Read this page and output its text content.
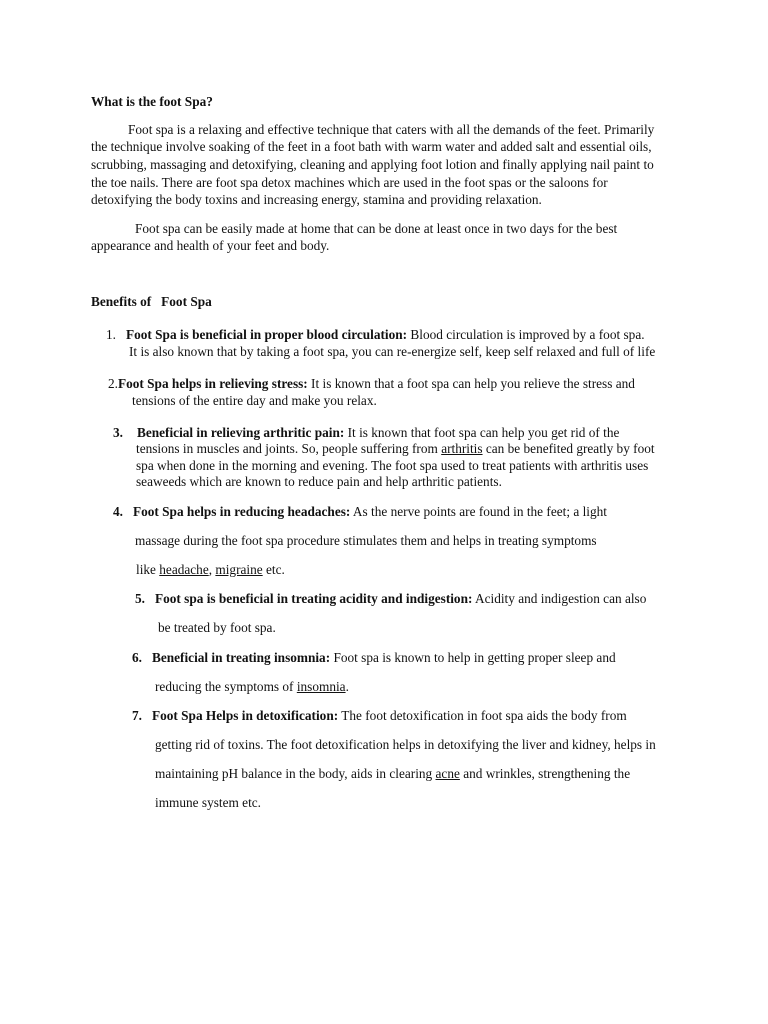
What is the foot Spa?
Foot spa is a relaxing and effective technique that caters with all the demands of the feet. Primarily
the technique involve soaking of the feet in a foot bath with warm water and added salt and essential oils,
scrubbing, massaging and detoxifying, cleaning and applying foot lotion and finally applying nail paint to
the toe nails. There are foot spa detox machines which are used in the foot spas or the saloons for
detoxifying the body toxins and increasing energy, stamina and providing relaxation.
Foot spa can be easily made at home that can be done at least once in two days for the best
appearance and health of your feet and body.
Benefits of   Foot Spa
1. Foot Spa is beneficial in proper blood circulation: Blood circulation is improved by a foot spa.
It is also known that by taking a foot spa, you can re-energize self, keep self relaxed and full of life
2.Foot Spa helps in relieving stress: It is known that a foot spa can help you relieve the stress and
tensions of the entire day and make you relax.
3. Beneficial in relieving arthritic pain: It is known that foot spa can help you get rid of the
tensions in muscles and joints. So, people suffering from arthritis can be benefited greatly by foot
spa when done in the morning and evening. The foot spa used to treat patients with arthritis uses
seaweeds which are known to reduce pain and help arthritic patients.
4. Foot Spa helps in reducing headaches: As the nerve points are found in the feet; a light
massage during the foot spa procedure stimulates them and helps in treating symptoms
like headache, migraine etc.
5. Foot spa is beneficial in treating acidity and indigestion: Acidity and indigestion can also
be treated by foot spa.
6. Beneficial in treating insomnia: Foot spa is known to help in getting proper sleep and
reducing the symptoms of insomnia.
7. Foot Spa Helps in detoxification: The foot detoxification in foot spa aids the body from
getting rid of toxins. The foot detoxification helps in detoxifying the liver and kidney, helps in
maintaining pH balance in the body, aids in clearing acne and wrinkles, strengthening the
immune system etc.
